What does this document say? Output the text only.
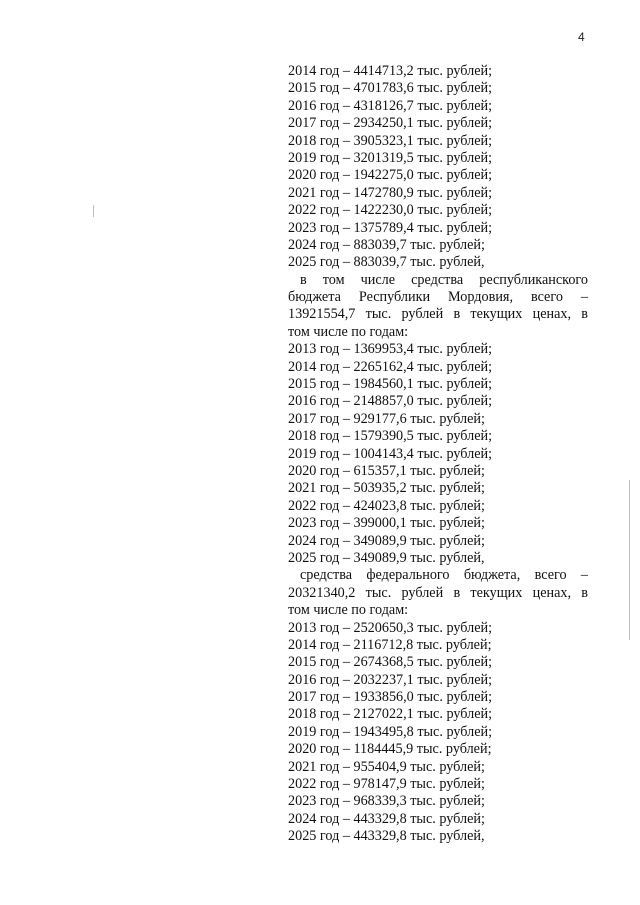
4
2014 год – 4414713,2 тыс. рублей;
2015 год – 4701783,6 тыс. рублей;
2016 год – 4318126,7 тыс. рублей;
2017 год – 2934250,1 тыс. рублей;
2018 год – 3905323,1 тыс. рублей;
2019 год – 3201319,5 тыс. рублей;
2020 год – 1942275,0 тыс. рублей;
2021 год – 1472780,9 тыс. рублей;
2022 год – 1422230,0 тыс. рублей;
2023 год – 1375789,4 тыс. рублей;
2024 год – 883039,7 тыс. рублей;
2025 год – 883039,7 тыс. рублей,
в том числе средства республиканского
бюджета Республики Мордовия, всего –
13921554,7 тыс. рублей в текущих ценах, в
том числе по годам:
2013 год – 1369953,4 тыс. рублей;
2014 год – 2265162,4 тыс. рублей;
2015 год – 1984560,1 тыс. рублей;
2016 год – 2148857,0 тыс. рублей;
2017 год – 929177,6 тыс. рублей;
2018 год – 1579390,5 тыс. рублей;
2019 год – 1004143,4 тыс. рублей;
2020 год – 615357,1 тыс. рублей;
2021 год – 503935,2 тыс. рублей;
2022 год – 424023,8 тыс. рублей;
2023 год – 399000,1 тыс. рублей;
2024 год – 349089,9 тыс. рублей;
2025 год – 349089,9 тыс. рублей,
средства федерального бюджета, всего –
20321340,2 тыс. рублей в текущих ценах, в
том числе по годам:
2013 год – 2520650,3 тыс. рублей;
2014 год – 2116712,8 тыс. рублей;
2015 год – 2674368,5 тыс. рублей;
2016 год – 2032237,1 тыс. рублей;
2017 год – 1933856,0 тыс. рублей;
2018 год – 2127022,1 тыс. рублей;
2019 год – 1943495,8 тыс. рублей;
2020 год – 1184445,9 тыс. рублей;
2021 год – 955404,9 тыс. рублей;
2022 год – 978147,9 тыс. рублей;
2023 год – 968339,3 тыс. рублей;
2024 год – 443329,8 тыс. рублей;
2025 год – 443329,8 тыс. рублей,
